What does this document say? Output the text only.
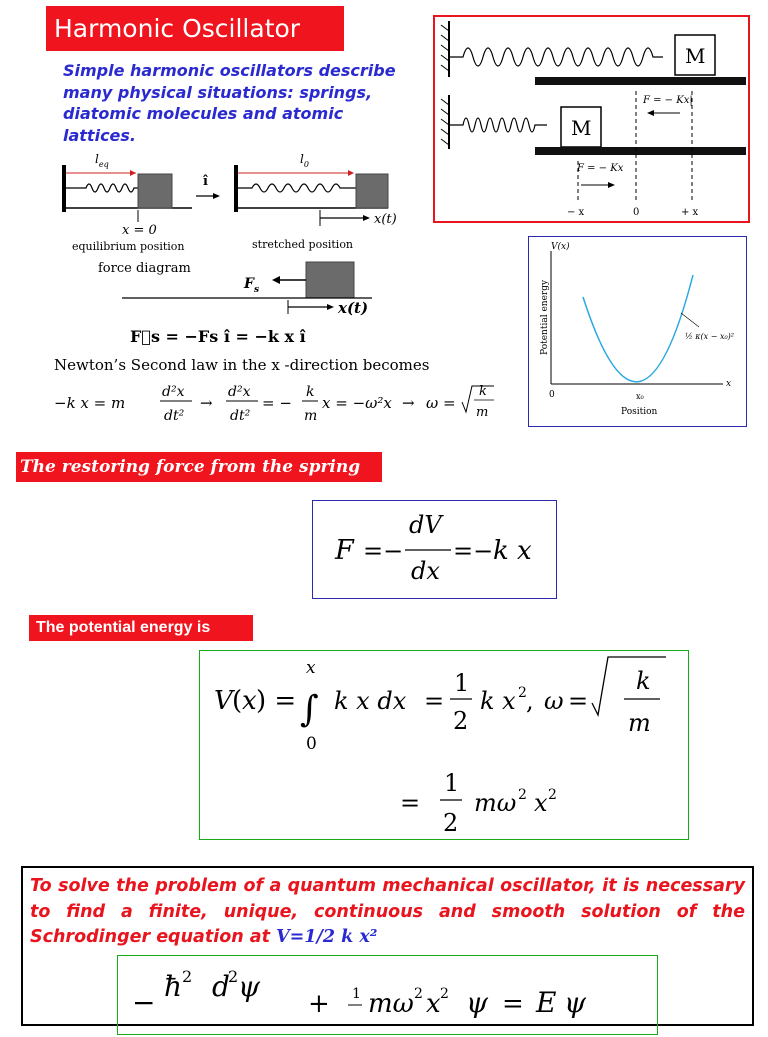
Harmonic Oscillator
Simple harmonic oscillators describe many physical situations: springs, diatomic molecules and atomic lattices.
$l_{eq}$
x = 0
equilibrium position
î
$l_0$
x(t)
stretched position
force diagram
$F_s$
x(t)
F⃗s = −Fs î = −k x î
Newton’s Second law in the x -direction becomes
−k x = m
d²x
dt²
→
d²x
dt²
= −
k
m
x = −ω²x → ω =
k
m
M
F = − Kx|
M
F = − Kx
− x	0	+ x
V(x)
Potential energy	½ κ(x − x₀)²
x
0	x₀
Position
The restoring force from the spring is
F =−
dV
dx
=− k x
The potential energy is
V ( x ) =
x
∫
0
k x dx =
1
2
k x 2 , ω =
k
m
=
1
2
mω 2 x 2
To solve the problem of a quantum mechanical oscillator, it is necessary to find a finite, unique, continuous and smooth solution of the Schrodinger equation at V=1/2 k x²
− ħ 2 d
2 ψ
+ 1 mω 2 x 2 ψ = E ψ
